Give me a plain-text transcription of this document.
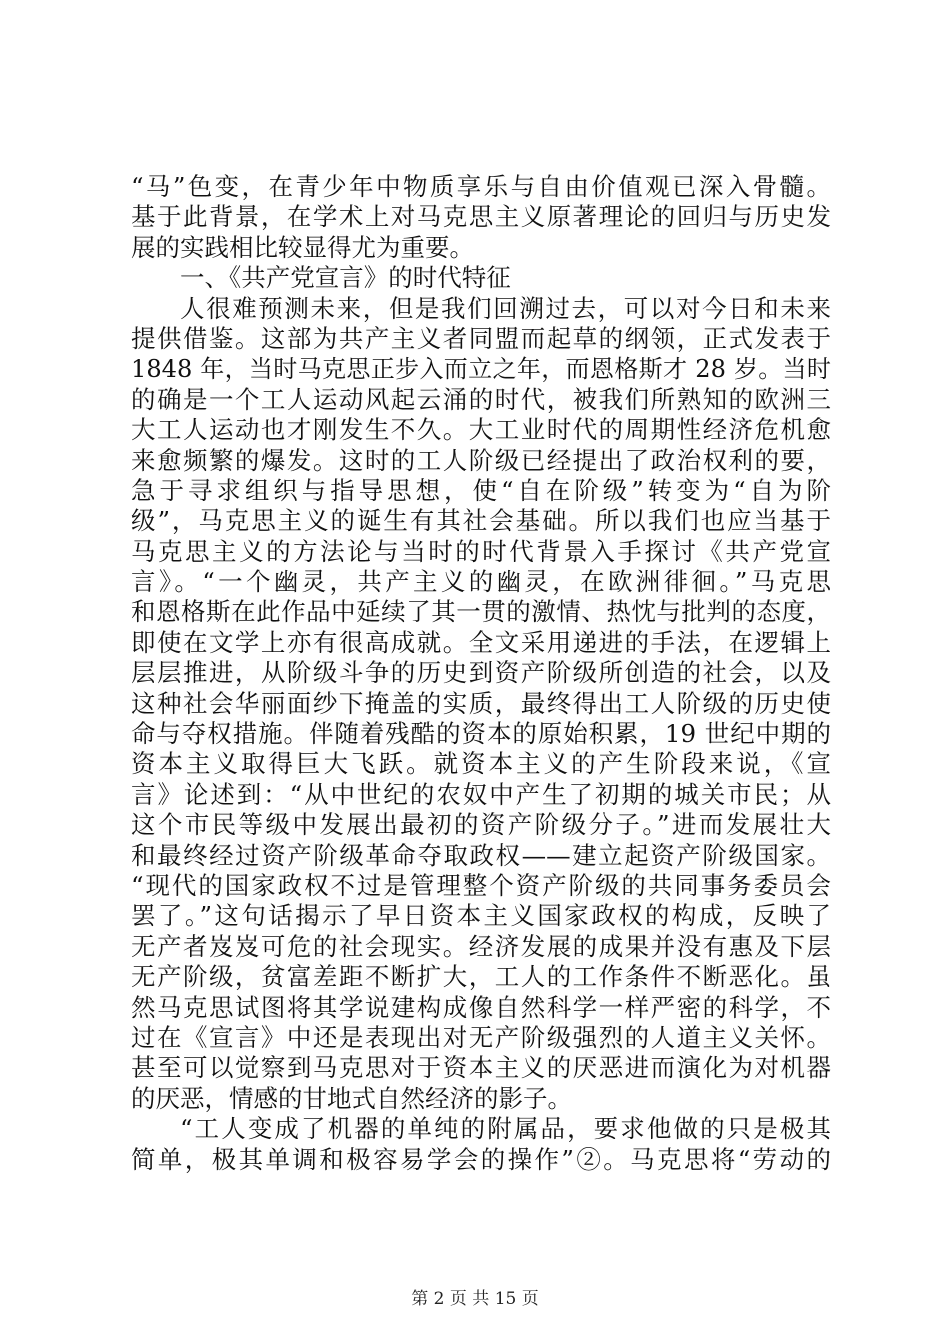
“马”色变，在青少年中物质享乐与自由价值观已深入骨髓。
基于此背景，在学术上对马克思主义原著理论的回归与历史发
展的实践相比较显得尤为重要。
一、《共产党宣言》的时代特征
人很难预测未来，但是我们回溯过去，可以对今日和未来
提供借鉴。这部为共产主义者同盟而起草的纲领，正式发表于
1848 年，当时马克思正步入而立之年，而恩格斯才 28 岁。当时
的确是一个工人运动风起云涌的时代，被我们所熟知的欧洲三
大工人运动也才刚发生不久。大工业时代的周期性经济危机愈
来愈频繁的爆发。这时的工人阶级已经提出了政治权利的要，
急于寻求组织与指导思想，使“自在阶级”转变为“自为阶
级”，马克思主义的诞生有其社会基础。所以我们也应当基于
马克思主义的方法论与当时的时代背景入手探讨《共产党宣
言》。“一个幽灵，共产主义的幽灵，在欧洲徘徊。”马克思
和恩格斯在此作品中延续了其一贯的激情、热忱与批判的态度，
即使在文学上亦有很高成就。全文采用递进的手法，在逻辑上
层层推进，从阶级斗争的历史到资产阶级所创造的社会，以及
这种社会华丽面纱下掩盖的实质，最终得出工人阶级的历史使
命与夺权措施。伴随着残酷的资本的原始积累，19 世纪中期的
资本主义取得巨大飞跃。就资本主义的产生阶段来说，《宣
言》论述到：“从中世纪的农奴中产生了初期的城关市民；从
这个市民等级中发展出最初的资产阶级分子。”进而发展壮大
和最终经过资产阶级革命夺取政权——建立起资产阶级国家。
“现代的国家政权不过是管理整个资产阶级的共同事务委员会
罢了。”这句话揭示了早日资本主义国家政权的构成，反映了
无产者岌岌可危的社会现实。经济发展的成果并没有惠及下层
无产阶级，贫富差距不断扩大，工人的工作条件不断恶化。虽
然马克思试图将其学说建构成像自然科学一样严密的科学，不
过在《宣言》中还是表现出对无产阶级强烈的人道主义关怀。
甚至可以觉察到马克思对于资本主义的厌恶进而演化为对机器
的厌恶，情感的甘地式自然经济的影子。
“工人变成了机器的单纯的附属品，要求他做的只是极其
简单，极其单调和极容易学会的操作”②。马克思将“劳动的
第 2 页 共 15 页
